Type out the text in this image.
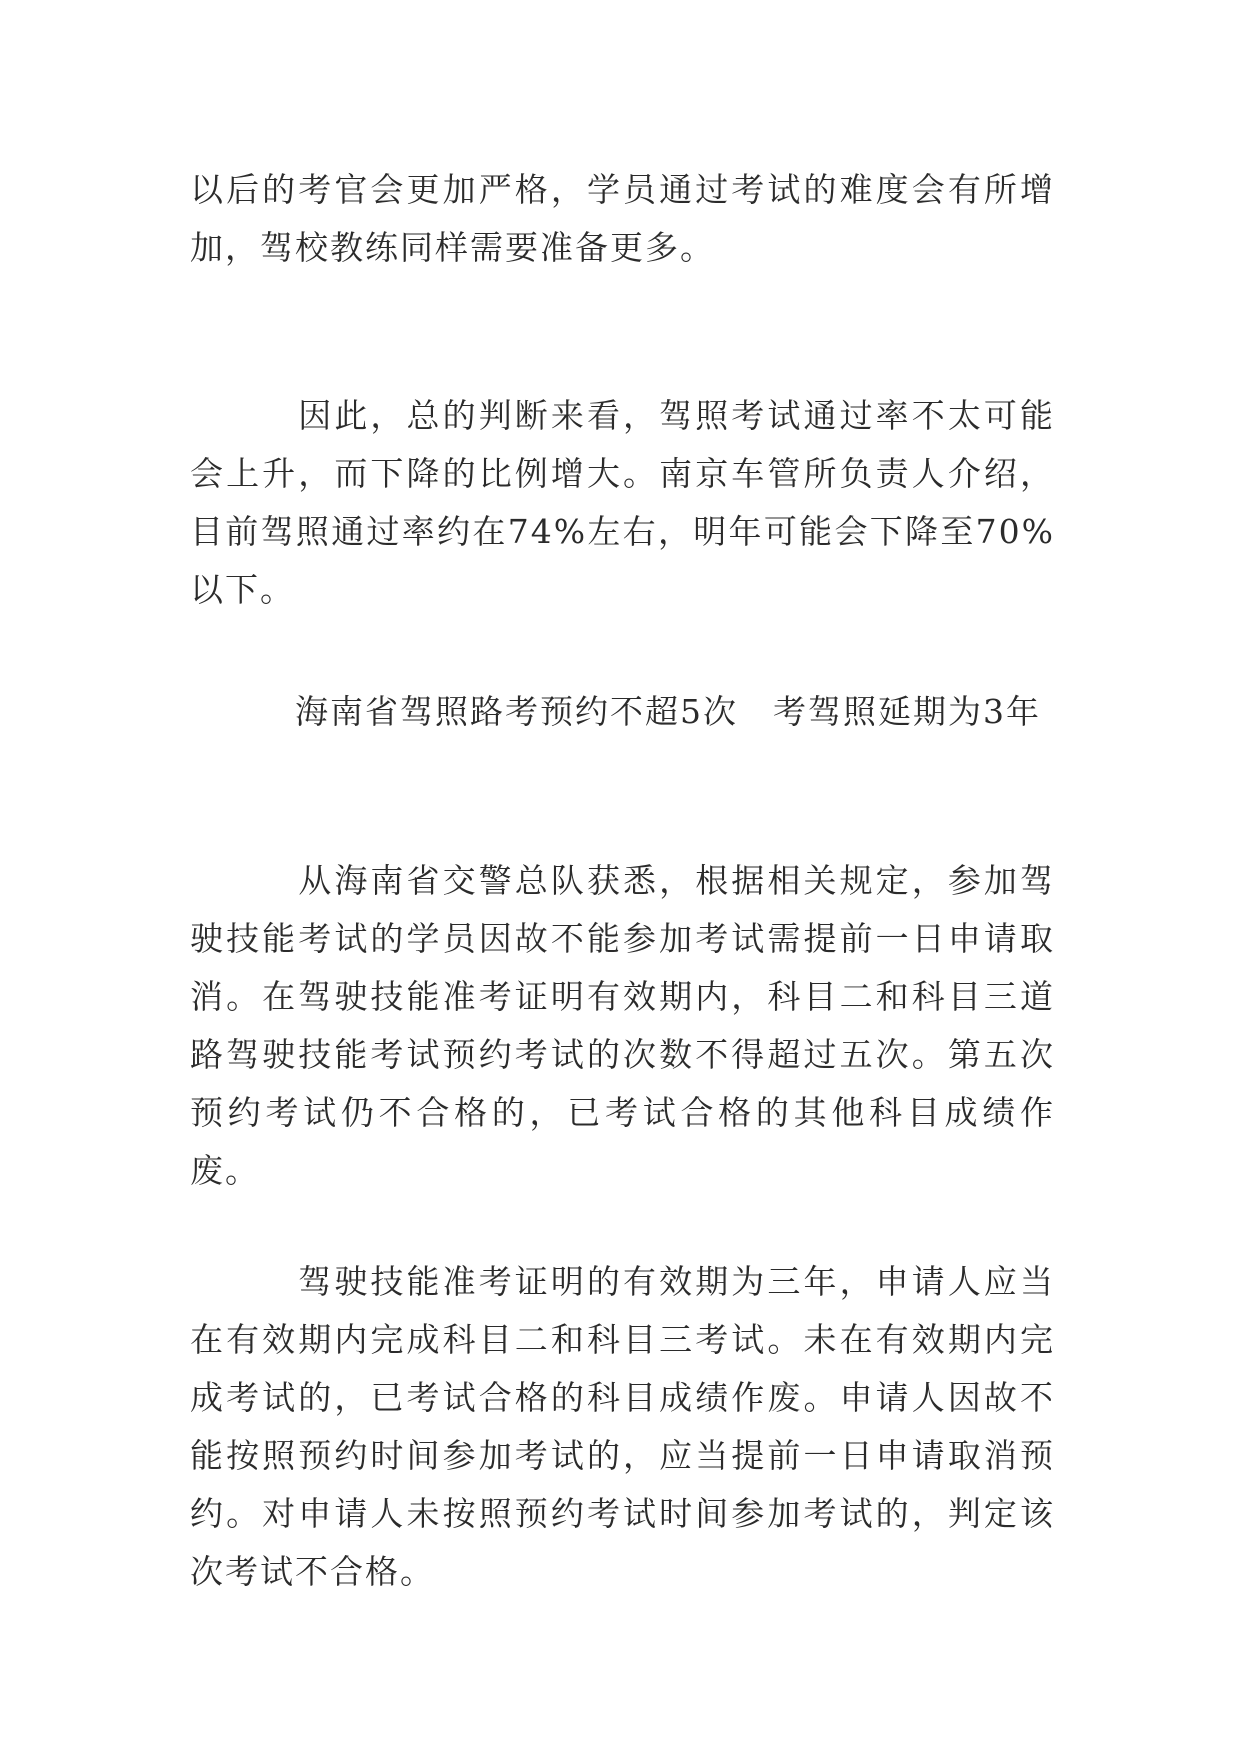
以后的考官会更加严格，学员通过考试的难度会有所增加，驾校教练同样需要准备更多。

　　　因此，总的判断来看，驾照考试通过率不太可能会上升，而下降的比例增大。南京车管所负责人介绍，目前驾照通过率约在74%左右，明年可能会下降至70%以下。

　　　海南省驾照路考预约不超5次　考驾照延期为3年

　　　从海南省交警总队获悉，根据相关规定，参加驾驶技能考试的学员因故不能参加考试需提前一日申请取消。在驾驶技能准考证明有效期内，科目二和科目三道路驾驶技能考试预约考试的次数不得超过五次。第五次预约考试仍不合格的，已考试合格的其他科目成绩作废。

　　　驾驶技能准考证明的有效期为三年，申请人应当在有效期内完成科目二和科目三考试。未在有效期内完成考试的，已考试合格的科目成绩作废。申请人因故不能按照预约时间参加考试的，应当提前一日申请取消预约。对申请人未按照预约考试时间参加考试的，判定该次考试不合格。
